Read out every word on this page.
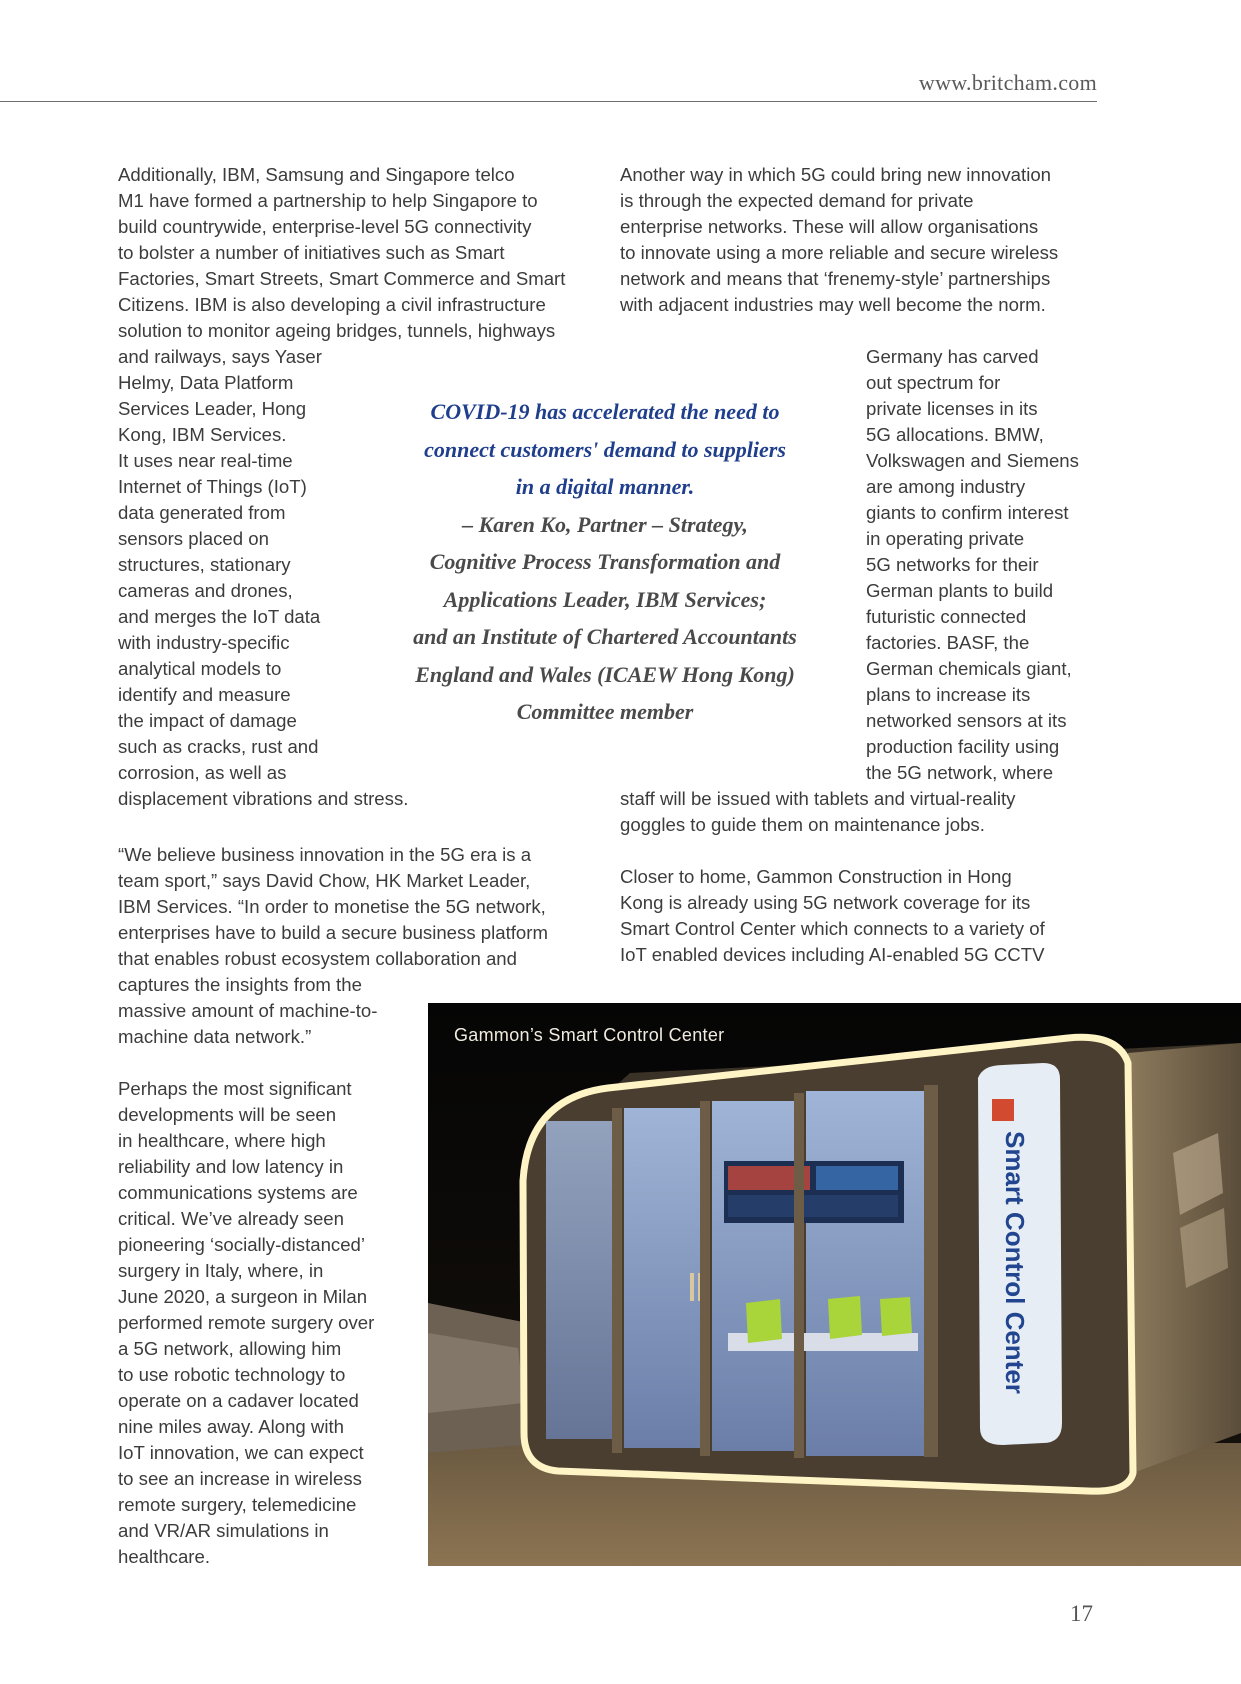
www.britcham.com
Additionally, IBM, Samsung and Singapore telco
M1 have formed a partnership to help Singapore to
build countrywide, enterprise-level 5G connectivity
to bolster a number of initiatives such as Smart
Factories, Smart Streets, Smart Commerce and Smart
Citizens. IBM is also developing a civil infrastructure
solution to monitor ageing bridges, tunnels, highways
and railways, says Yaser
Helmy, Data Platform
Services Leader, Hong
Kong, IBM Services.
It uses near real-time
Internet of Things (IoT)
data generated from
sensors placed on
structures, stationary
cameras and drones,
and merges the IoT data
with industry-specific
analytical models to
identify and measure
the impact of damage
such as cracks, rust and
corrosion, as well as
displacement vibrations and stress.
“We believe business innovation in the 5G era is a
team sport,” says David Chow, HK Market Leader,
IBM Services. “In order to monetise the 5G network,
enterprises have to build a secure business platform
that enables robust ecosystem collaboration and
captures the insights from the
massive amount of machine-to-
machine data network.”
Perhaps the most significant
developments will be seen
in healthcare, where high
reliability and low latency in
communications systems are
critical. We’ve already seen
pioneering ‘socially-distanced’
surgery in Italy, where, in
June 2020, a surgeon in Milan
performed remote surgery over
a 5G network, allowing him
to use robotic technology to
operate on a cadaver located
nine miles away. Along with
IoT innovation, we can expect
to see an increase in wireless
remote surgery, telemedicine
and VR/AR simulations in
healthcare.
Another way in which 5G could bring new innovation
is through the expected demand for private
enterprise networks. These will allow organisations
to innovate using a more reliable and secure wireless
network and means that ‘frenemy-style’ partnerships
with adjacent industries may well become the norm.
Germany has carved
out spectrum for
private licenses in its
5G allocations. BMW,
Volkswagen and Siemens
are among industry
giants to confirm interest
in operating private
5G networks for their
German plants to build
futuristic connected
factories. BASF, the
German chemicals giant,
plans to increase its
networked sensors at its
production facility using
the 5G network, where
staff will be issued with tablets and virtual-reality
goggles to guide them on maintenance jobs.
Closer to home, Gammon Construction in Hong
Kong is already using 5G network coverage for its
Smart Control Center which connects to a variety of
IoT enabled devices including AI-enabled 5G CCTV
COVID-19 has accelerated the need to
connect customers' demand to suppliers
in a digital manner.
– Karen Ko, Partner – Strategy,
Cognitive Process Transformation and
Applications Leader, IBM Services;
and an Institute of Chartered Accountants
England and Wales (ICAEW Hong Kong)
Committee member
Smart Control Center
Gammon’s Smart Control Center
17
